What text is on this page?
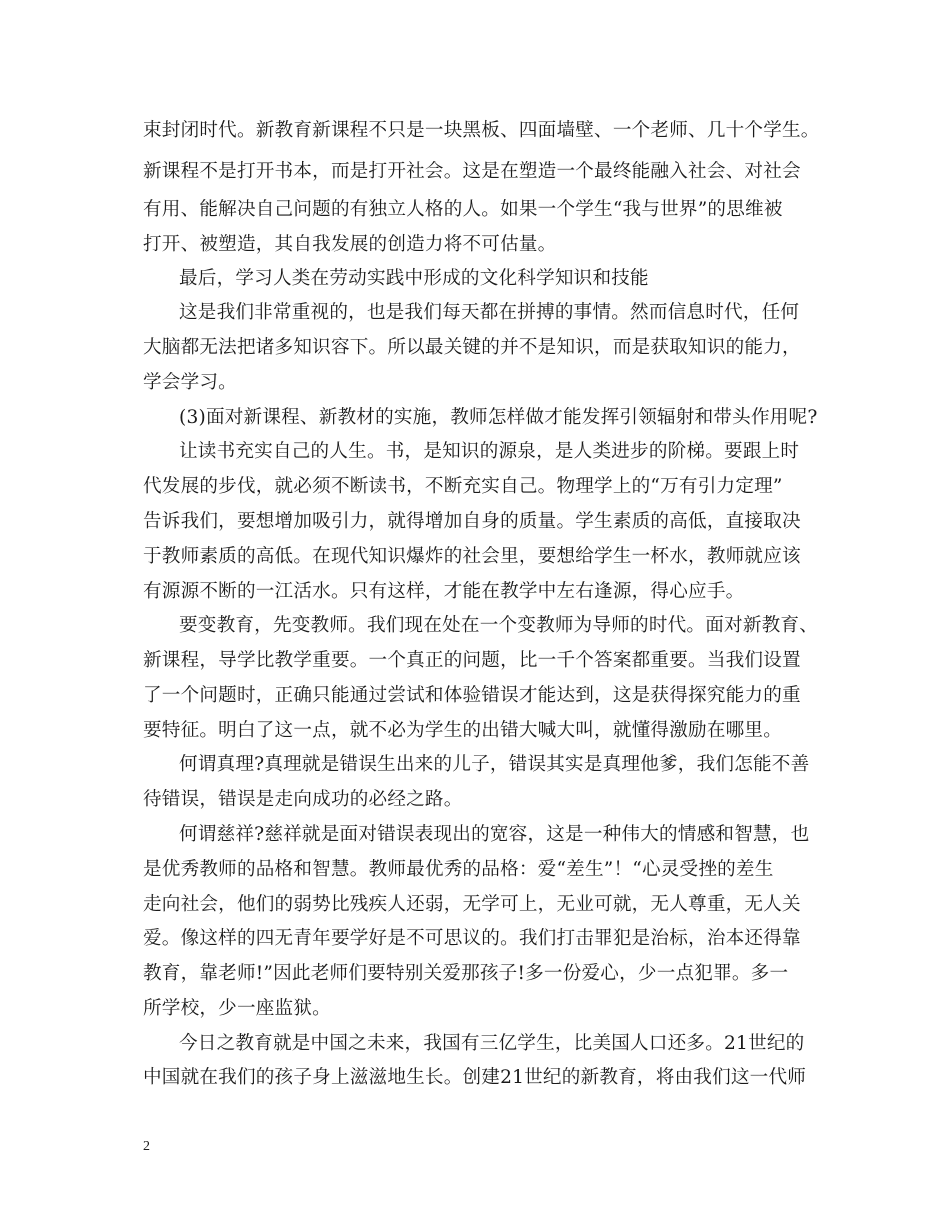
束封闭时代。新教育新课程不只是一块黑板、四面墙壁、一个老师、几十个学生。
新课程不是打开书本，而是打开社会。这是在塑造一个最终能融入社会、对社会
有用、能解决自己问题的有独立人格的人。如果一个学生“我与世界”的思维被
打开、被塑造，其自我发展的创造力将不可估量。
最后，学习人类在劳动实践中形成的文化科学知识和技能
这是我们非常重视的，也是我们每天都在拼搏的事情。然而信息时代，任何
大脑都无法把诸多知识容下。所以最关键的并不是知识，而是获取知识的能力，
学会学习。
(3)面对新课程、新教材的实施，教师怎样做才能发挥引领辐射和带头作用呢?
让读书充实自己的人生。书，是知识的源泉，是人类进步的阶梯。要跟上时
代发展的步伐，就必须不断读书，不断充实自己。物理学上的“万有引力定理”
告诉我们，要想增加吸引力，就得增加自身的质量。学生素质的高低，直接取决
于教师素质的高低。在现代知识爆炸的社会里，要想给学生一杯水，教师就应该
有源源不断的一江活水。只有这样，才能在教学中左右逢源，得心应手。
要变教育，先变教师。我们现在处在一个变教师为导师的时代。面对新教育、
新课程，导学比教学重要。一个真正的问题，比一千个答案都重要。当我们设置
了一个问题时，正确只能通过尝试和体验错误才能达到，这是获得探究能力的重
要特征。明白了这一点，就不必为学生的出错大喊大叫，就懂得激励在哪里。
何谓真理?真理就是错误生出来的儿子，错误其实是真理他爹，我们怎能不善
待错误，错误是走向成功的必经之路。
何谓慈祥?慈祥就是面对错误表现出的宽容，这是一种伟大的情感和智慧，也
是优秀教师的品格和智慧。教师最优秀的品格：爱“差生”！“心灵受挫的差生
走向社会，他们的弱势比残疾人还弱，无学可上，无业可就，无人尊重，无人关
爱。像这样的四无青年要学好是不可思议的。我们打击罪犯是治标，治本还得靠
教育，靠老师!”因此老师们要特别关爱那孩子!多一份爱心，少一点犯罪。多一
所学校，少一座监狱。
今日之教育就是中国之未来，我国有三亿学生，比美国人口还多。21世纪的
中国就在我们的孩子身上滋滋地生长。创建21世纪的新教育，将由我们这一代师
2
